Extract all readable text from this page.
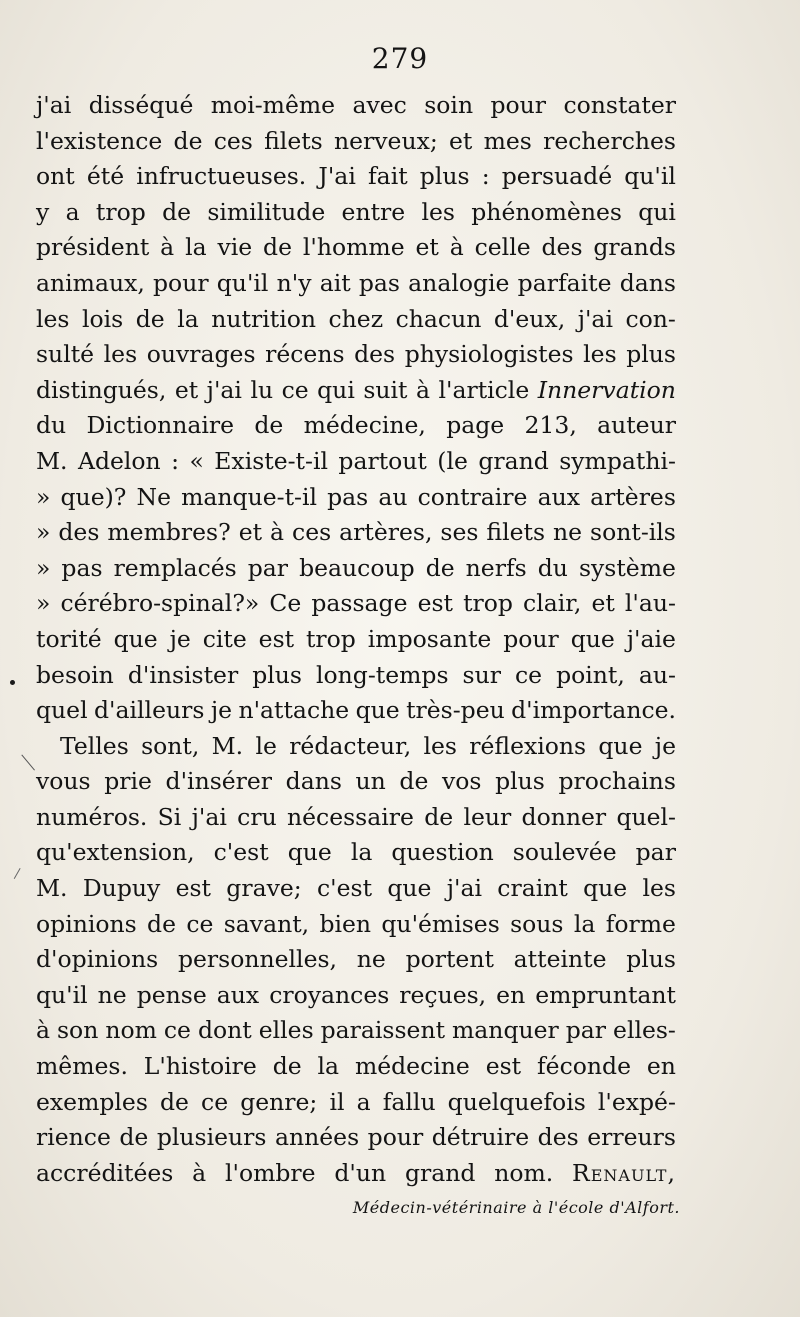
279
j'ai disséqué moi-même avec soin pour constater
l'existence de ces filets nerveux; et mes recherches
ont été infructueuses. J'ai fait plus : persuadé qu'il
y a trop de similitude entre les phénomènes qui
président à la vie de l'homme et à celle des grands
animaux, pour qu'il n'y ait pas analogie parfaite dans
les lois de la nutrition chez chacun d'eux, j'ai con-
sulté les ouvrages récens des physiologistes les plus
distingués, et j'ai lu ce qui suit à l'article Innervation
du Dictionnaire de médecine, page 213, auteur
M. Adelon : « Existe-t-il partout (le grand sympathi-
» que)? Ne manque-t-il pas au contraire aux artères
» des membres? et à ces artères, ses filets ne sont-ils
» pas remplacés par beaucoup de nerfs du système
» cérébro-spinal?» Ce passage est trop clair, et l'au-
torité que je cite est trop imposante pour que j'aie
besoin d'insister plus long-temps sur ce point, au-
quel d'ailleurs je n'attache que très-peu d'importance.
Telles sont, M. le rédacteur, les réflexions que je
vous prie d'insérer dans un de vos plus prochains
numéros. Si j'ai cru nécessaire de leur donner quel-
qu'extension, c'est que la question soulevée par
M. Dupuy est grave; c'est que j'ai craint que les
opinions de ce savant, bien qu'émises sous la forme
d'opinions personnelles, ne portent atteinte plus
qu'il ne pense aux croyances reçues, en empruntant
à son nom ce dont elles paraissent manquer par elles-
mêmes. L'histoire de la médecine est féconde en
exemples de ce genre; il a fallu quelquefois l'expé-
rience de plusieurs années pour détruire des erreurs
accréditées à l'ombre d'un grand nom. Renault,
Médecin-vétérinaire à l'école d'Alfort.
